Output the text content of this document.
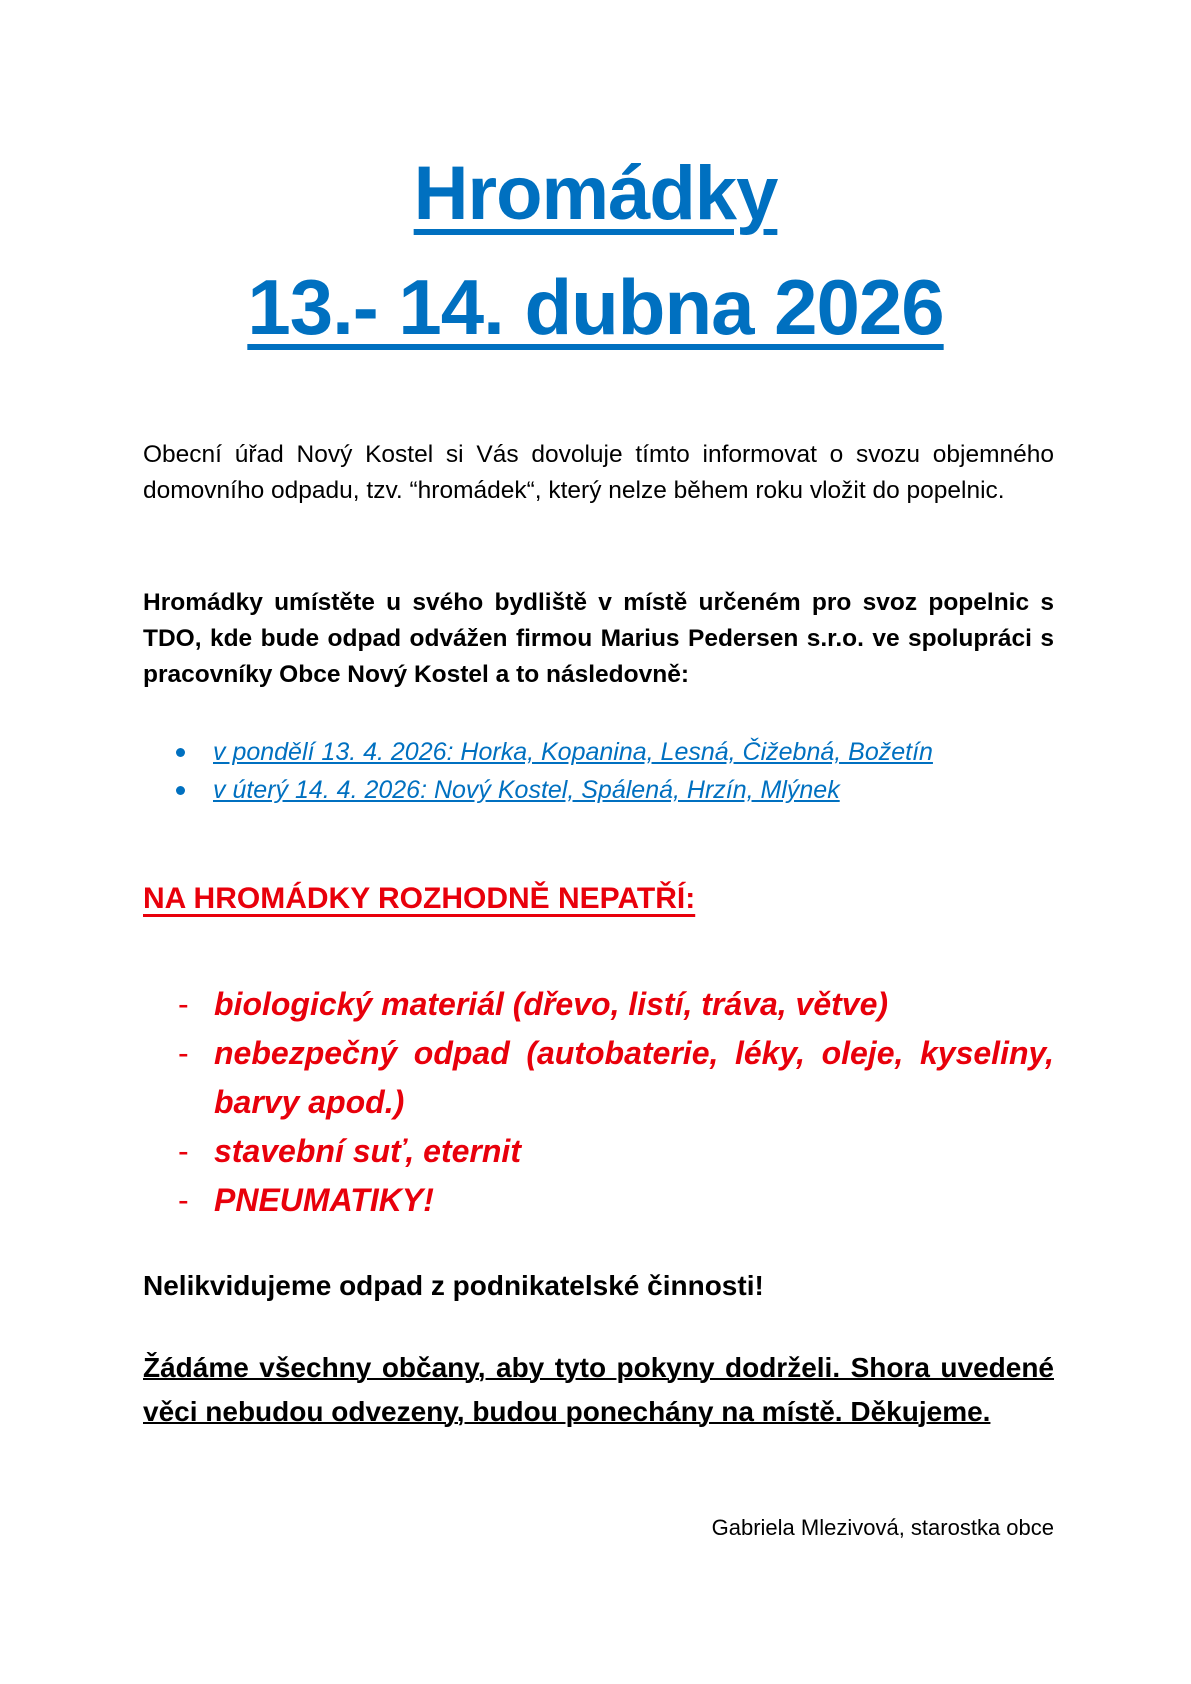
Hromádky
13.- 14. dubna 2026
Obecní úřad Nový Kostel si Vás dovoluje tímto informovat o svozu objemného domovního odpadu, tzv. “hromádek“, který nelze během roku vložit do popelnic.
Hromádky umístěte u svého bydliště v místě určeném pro svoz popelnic s TDO, kde bude odpad odvážen firmou Marius Pedersen s.r.o. ve spolupráci s pracovníky Obce Nový Kostel a to následovně:
v pondělí 13. 4. 2026: Horka, Kopanina, Lesná, Čižebná, Božetín
v úterý 14. 4. 2026: Nový Kostel, Spálená, Hrzín, Mlýnek
NA HROMÁDKY ROZHODNĚ NEPATŘÍ:
- biologický materiál (dřevo, listí, tráva, větve)
- nebezpečný odpad (autobaterie, léky, oleje, kyseliny, barvy apod.)
- stavební suť, eternit
- PNEUMATIKY!
Nelikvidujeme odpad z podnikatelské činnosti!
Žádáme všechny občany, aby tyto pokyny dodrželi. Shora uvedené věci nebudou odvezeny, budou ponechány na místě. Děkujeme.
Gabriela Mlezivová, starostka obce
